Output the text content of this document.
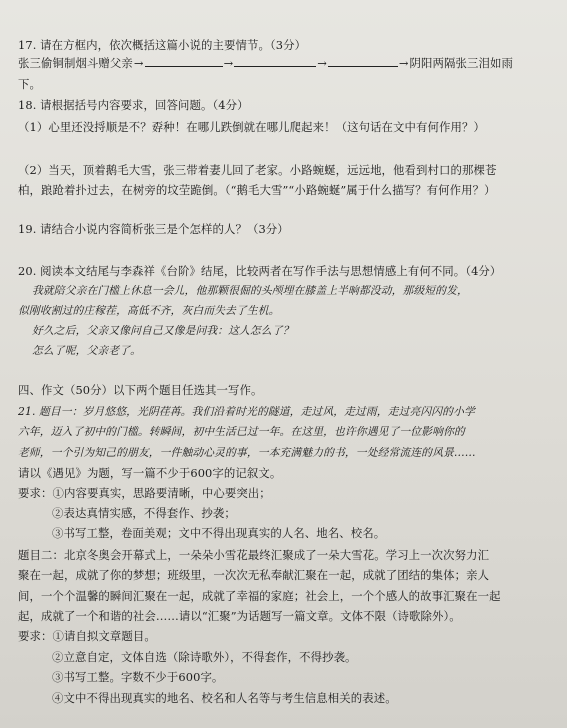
17. 请在方框内，依次概括这篇小说的主要情节。（3分）
张三偷铜制烟斗赠父亲→	→	→	→阴阳两隔张三泪如雨
下。
18. 请根据括号内容要求，回答问题。（4分）
（1）心里还没捋顺是不？孬种！在哪儿跌倒就在哪儿爬起来！（这句话在文中有何作用？）
（2）当天，顶着鹅毛大雪，张三带着妻儿回了老家。小路蜿蜒，远远地，他看到村口的那棵苍
柏，踉跄着扑过去，在树旁的坟茔跪倒。（“鹅毛大雪”“小路蜿蜒”属于什么描写？有何作用？）
19. 请结合小说内容简析张三是个怎样的人？（3分）
20. 阅读本文结尾与李森祥《台阶》结尾，比较两者在写作手法与思想情感上有何不同。（4分）
我就陪父亲在门槛上休息一会儿，他那颗很倔的头颅埋在膝盖上半晌都没动，那级短的发，
似刚收割过的庄稼茬，高低不齐，灰白而失去了生机。
好久之后，父亲又像问自己又像是问我：这人怎么了？
怎么了呢，父亲老了。
四、作文（50分）以下两个题目任选其一写作。
21. 题目一：岁月悠悠，光阴荏苒。我们沿着时光的隧道，走过风，走过雨，走过亮闪闪的小学
六年，迈入了初中的门槛。转瞬间，初中生活已过一年。在这里，也许你遇见了一位影响你的
老师，一个引为知己的朋友，一件触动心灵的事，一本充满魅力的书，一处经常流连的风景……
请以《遇见》为题，写一篇不少于600字的记叙文。
要求：①内容要真实，思路要清晰，中心要突出；
②表达真情实感，不得套作、抄袭；
③书写工整，卷面美观；文中不得出现真实的人名、地名、校名。
题目二：北京冬奥会开幕式上，一朵朵小雪花最终汇聚成了一朵大雪花。学习上一次次努力汇
聚在一起，成就了你的梦想；班级里，一次次无私奉献汇聚在一起，成就了团结的集体；亲人
间，一个个温馨的瞬间汇聚在一起，成就了幸福的家庭；社会上，一个个感人的故事汇聚在一起
起，成就了一个和谐的社会……请以“汇聚”为话题写一篇文章。文体不限（诗歌除外）。
要求：①请自拟文章题目。
②立意自定，文体自选（除诗歌外），不得套作，不得抄袭。
③书写工整。字数不少于600字。
④文中不得出现真实的地名、校名和人名等与考生信息相关的表述。
